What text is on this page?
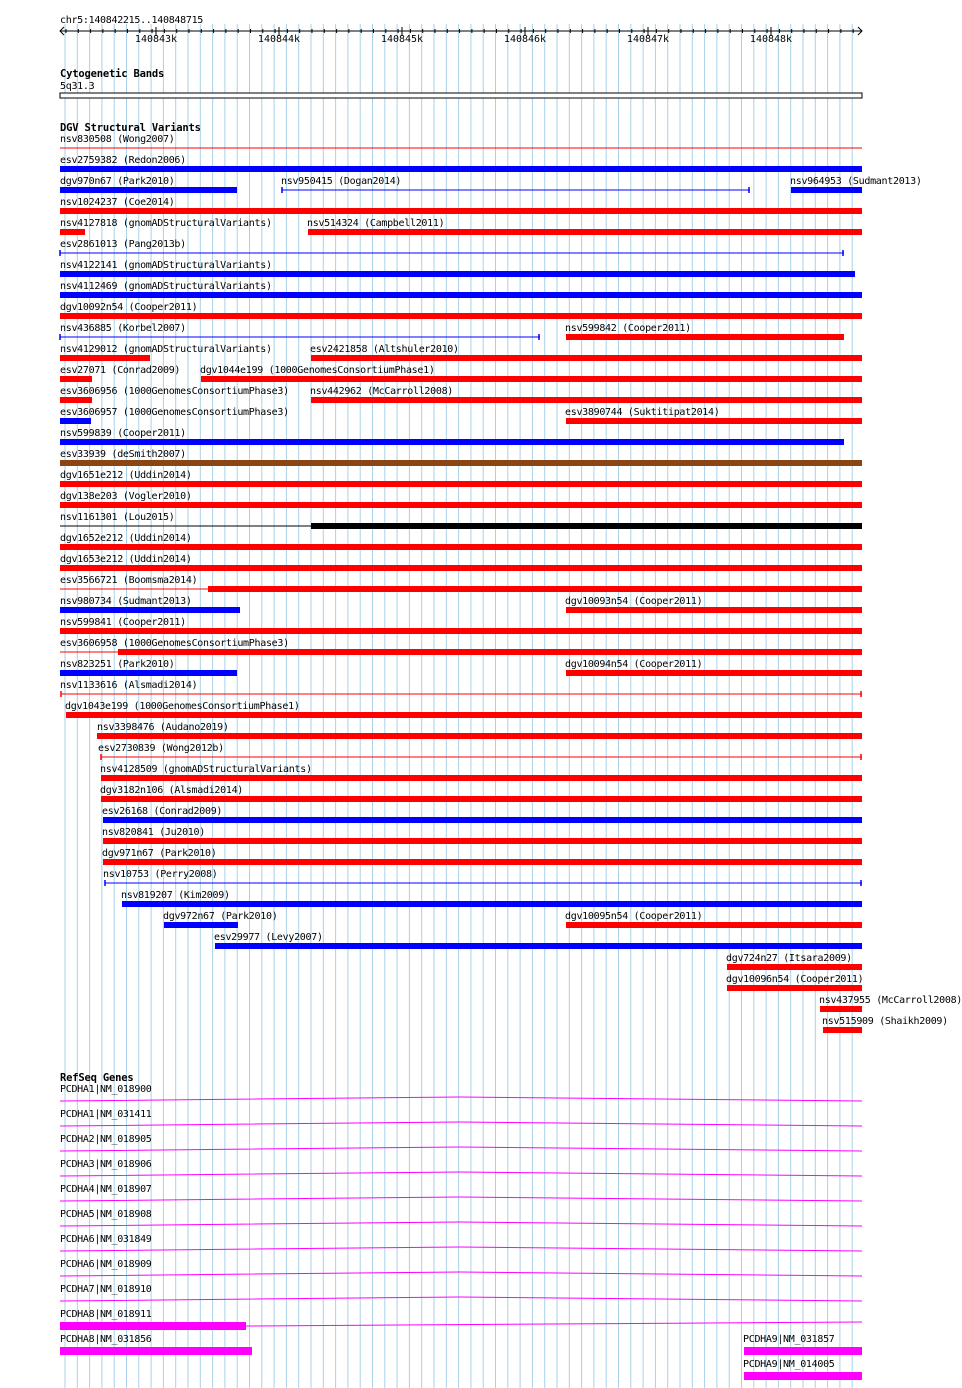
chr5:140842215..140848715
Cytogenetic Bands
5q31.3
DGV Structural Variants
RefSeq Genes
140843k	140844k	140845k	140846k	140847k	140848k
nsv830508 (Wong2007)
esv2759382 (Redon2006)
dgv970n67 (Park2010)	nsv950415 (Dogan2014)	nsv964953 (Sudmant2013)
nsv1024237 (Coe2014)
nsv4127818 (gnomADStructuralVariants)	nsv514324 (Campbell2011)
esv2861013 (Pang2013b)
nsv4122141 (gnomADStructuralVariants)
nsv4112469 (gnomADStructuralVariants)
dgv10092n54 (Cooper2011)
nsv436885 (Korbel2007)	nsv599842 (Cooper2011)
nsv4129012 (gnomADStructuralVariants)	esv2421858 (Altshuler2010)
esv27071 (Conrad2009) dgv1044e199 (1000GenomesConsortiumPhase1)
esv3606956 (1000GenomesConsortiumPhase3) nsv442962 (McCarroll2008)
esv3606957 (1000GenomesConsortiumPhase3)	esv3890744 (Suktitipat2014)
nsv599839 (Cooper2011)
esv33939 (deSmith2007)
dgv1651e212 (Uddin2014)
dgv138e203 (Vogler2010)
nsv1161301 (Lou2015)
dgv1652e212 (Uddin2014)
dgv1653e212 (Uddin2014)
esv3566721 (Boomsma2014)
nsv980734 (Sudmant2013)	dgv10093n54 (Cooper2011)
nsv599841 (Cooper2011)
esv3606958 (1000GenomesConsortiumPhase3)
nsv823251 (Park2010)	dgv10094n54 (Cooper2011)
nsv1133616 (Alsmadi2014)
dgv1043e199 (1000GenomesConsortiumPhase1)
nsv3398476 (Audano2019)
esv2730839 (Wong2012b)
nsv4128509 (gnomADStructuralVariants)
dgv3182n106 (Alsmadi2014)
esv26168 (Conrad2009)
nsv820841 (Ju2010)
dgv971n67 (Park2010)
nsv10753 (Perry2008)
nsv819207 (Kim2009)
dgv972n67 (Park2010)	dgv10095n54 (Cooper2011)
esv29977 (Levy2007)
dgv724n27 (Itsara2009)
dgv10096n54 (Cooper2011)
nsv437955 (McCarroll2008)
nsv515909 (Shaikh2009)
PCDHA1|NM_018900
PCDHA1|NM_031411
PCDHA2|NM_018905
PCDHA3|NM_018906
PCDHA4|NM_018907
PCDHA5|NM_018908
PCDHA6|NM_031849
PCDHA6|NM_018909
PCDHA7|NM_018910
PCDHA8|NM_018911
PCDHA8|NM_031856	PCDHA9|NM_031857
PCDHA9|NM_014005
